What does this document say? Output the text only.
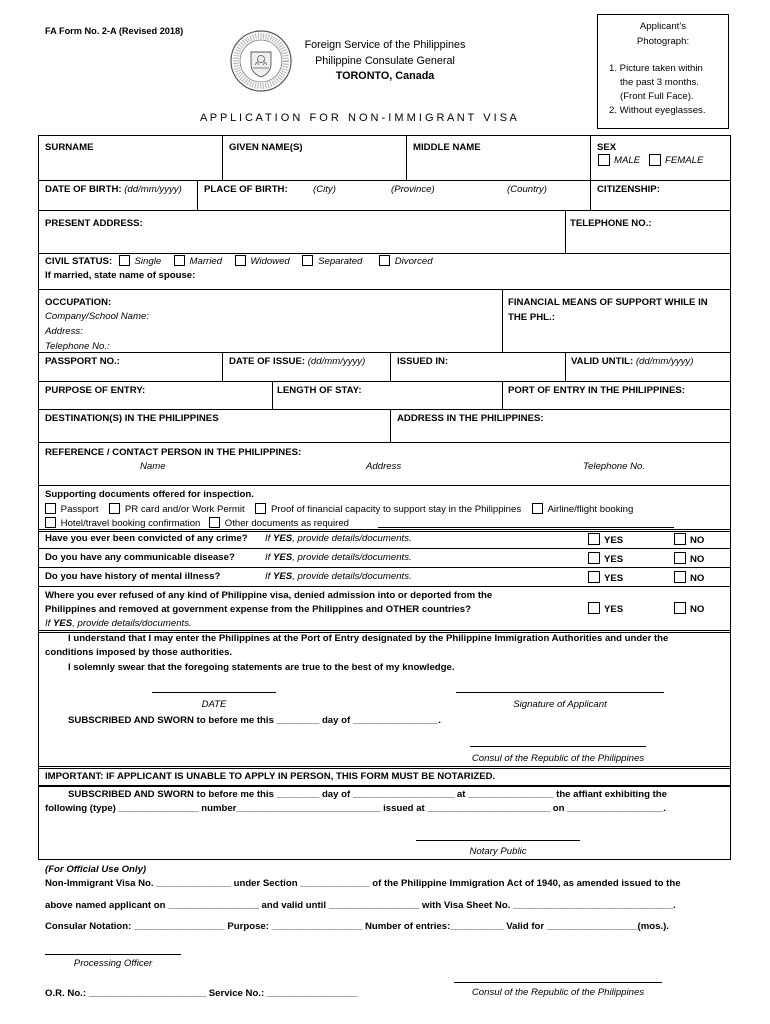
FA Form No. 2-A (Revised 2018)
Foreign Service of the Philippines
Philippine Consulate General
TORONTO, Canada
A P P L I C A T I O N   F O R   N O N - I M M I G R A N T   V I S A
Applicant’s
Photograph:
1. Picture taken within
the past 3 months.
(Front Full Face).
2. Without eyeglasses.
SURNAME	GIVEN NAME(S)	MIDDLE NAME	SEX
MALE	FEMALE
DATE OF BIRTH: (dd/mm/yyyy) PLACE OF BIRTH:	(City)	(Province)	(Country)	CITIZENSHIP:
PRESENT ADDRESS:	TELEPHONE NO.:
CIVIL STATUS: Single	Married	Widowed	Separated	Divorced
If married, state name of spouse:
OCCUPATION:
Company/School Name:
Address:
Telephone No.:
FINANCIAL MEANS OF SUPPORT WHILE IN
THE PHL.:
PASSPORT NO.:	DATE OF ISSUE: (dd/mm/yyyy)	ISSUED IN:	VALID UNTIL: (dd/mm/yyyy)
PURPOSE OF ENTRY:	LENGTH OF STAY:	PORT OF ENTRY IN THE PHILIPPINES:
DESTINATION(S) IN THE PHILIPPINES	ADDRESS IN THE PHILIPPINES:
REFERENCE / CONTACT PERSON IN THE PHILIPPINES:
Name	Address	Telephone No.
Supporting documents offered for inspection.
Passport	PR card and/or Work Permit	Proof of financial capacity to support stay in the Philippines	Airline/flight booking
Hotel/travel booking confirmation	Other documents as required
Have you ever been convicted of any crime? If YES, provide details/documents.	YES	NO
Do you have any communicable disease?	If YES, provide details/documents.	YES	NO
Do you have history of mental illness?	If YES, provide details/documents.	YES	NO
Where you ever refused of any kind of Philippine visa, denied admission into or deported from the
Philippines and removed at government expense from the Philippines and OTHER countries?
If YES, provide details/documents.
YES	NO
I understand that I may enter the Philippines at the Port of Entry designated by the Philippine Immigration Authorities and under the
conditions imposed by those authorities.
I solemnly swear that the foregoing statements are true to the best of my knowledge.
DATE	Signature of Applicant
SUBSCRIBED AND SWORN to before me this ________ day of ________________.
Consul of the Republic of the Philippines
IMPORTANT: IF APPLICANT IS UNABLE TO APPLY IN PERSON, THIS FORM MUST BE NOTARIZED.
SUBSCRIBED AND SWORN to before me this ________ day of ___________________ at ________________ the affiant exhibiting the
following (type) _______________ number___________________________ issued at _______________________ on __________________.
Notary Public
(For Official Use Only)
Non-Immigrant Visa No. ______________ under Section _____________ of the Philippine Immigration Act of 1940, as amended issued to the
above named applicant on _________________ and valid until _________________ with Visa Sheet No. ______________________________.
Consular Notation: _________________ Purpose: _________________ Number of entries:__________ Valid for _________________(mos.).
Processing Officer
O.R. No.: ______________________ Service No.: _________________	Consul of the Republic of the Philippines
